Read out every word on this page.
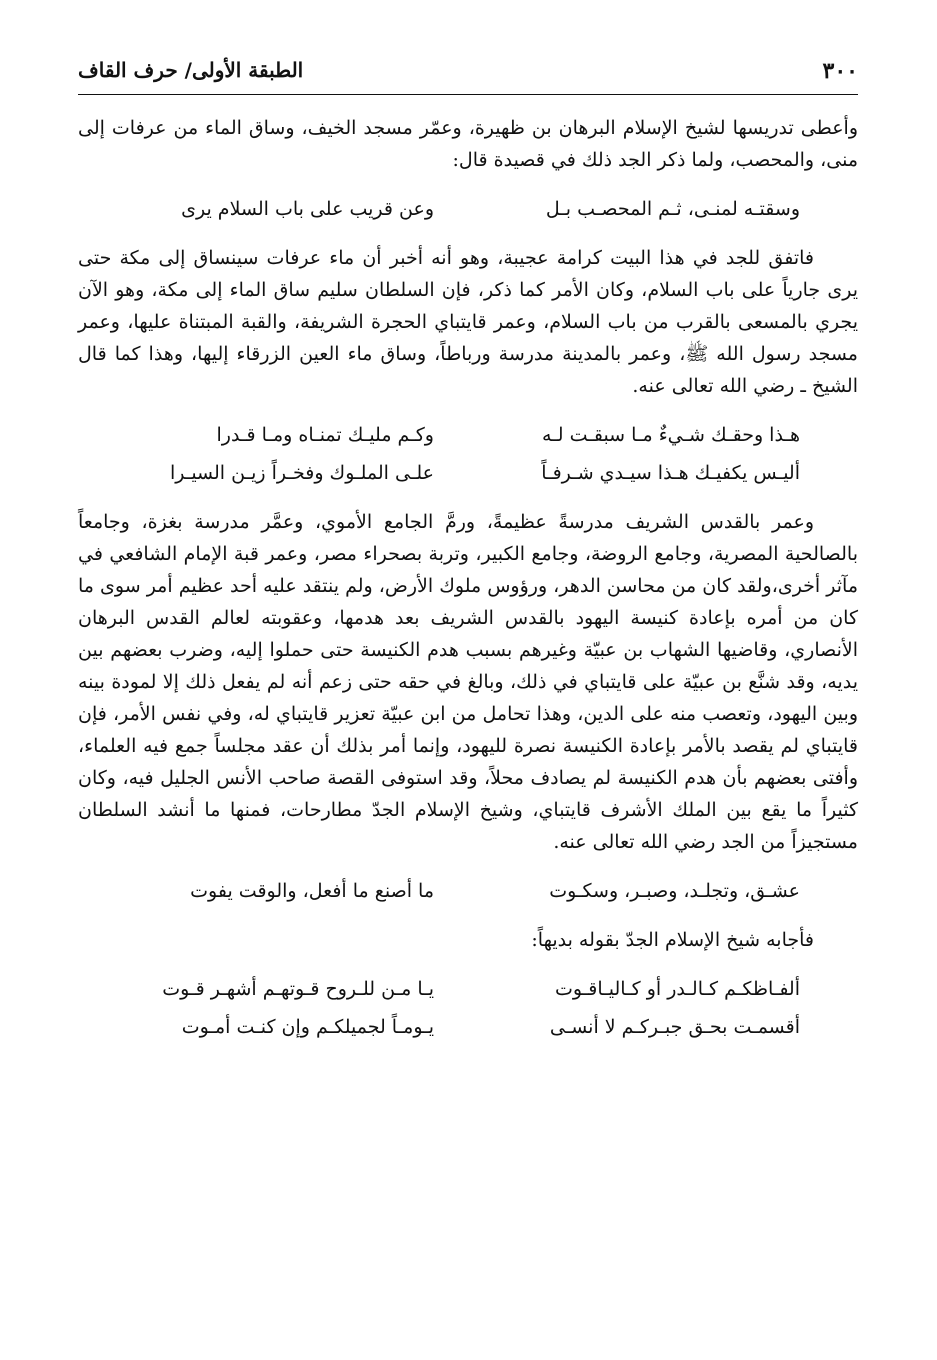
٣٠٠
الطبقة الأولى/ حرف القاف

وأعطى تدريسها لشيخ الإسلام البرهان بن ظهيرة، وعمّر مسجد الخيف، وساق الماء من عرفات إلى منى، والمحصب، ولما ذكر الجد ذلك في قصيدة قال:

وسقتـه لمنـى، ثـم المحصـب بـل
وعن قريب على باب السلام يرى

فاتفق للجد في هذا البيت كرامة عجيبة، وهو أنه أخبر أن ماء عرفات سينساق إلى مكة حتى يرى جارياً على باب السلام، وكان الأمر كما ذكر، فإن السلطان سليم ساق الماء إلى مكة، وهو الآن يجري بالمسعى بالقرب من باب السلام، وعمر قايتباي الحجرة الشريفة، والقبة المبتناة عليها، وعمر مسجد رسول الله ﷺ، وعمر بالمدينة مدرسة ورباطاً، وساق ماء العين الزرقاء إليها، وهذا كما قال الشيخ ـ رضي الله تعالى عنه.

هـذا وحقـك شـيءٌ مـا سبقـت لـه
وكـم مليـك تمنـاه ومـا قـدرا
أليـس يكفيـك هـذا سيـدي شـرفـاً
علـى الملـوك وفخـراً زيـن السيـرا

وعمر بالقدس الشريف مدرسةً عظيمةً، ورمَّ الجامع الأموي، وعمَّر مدرسة بغزة، وجامعاً بالصالحية المصرية، وجامع الروضة، وجامع الكبير، وتربة بصحراء مصر، وعمر قبة الإمام الشافعي في مآثر أخرى،ولقد كان من محاسن الدهر، ورؤوس ملوك الأرض، ولم ينتقد عليه أحد عظيم أمر سوى ما كان من أمره بإعادة كنيسة اليهود بالقدس الشريف بعد هدمها، وعقوبته لعالم القدس البرهان الأنصاري، وقاضيها الشهاب بن عبيّة وغيرهم بسبب هدم الكنيسة حتى حملوا إليه، وضرب بعضهم بين يديه، وقد شنَّع بن عبيّة على قايتباي في ذلك، وبالغ في حقه حتى زعم أنه لم يفعل ذلك إلا لمودة بينه وبين اليهود، وتعصب منه على الدين، وهذا تحامل من ابن عبيّة تعزير قايتباي له، وفي نفس الأمر، فإن قايتباي لم يقصد بالأمر بإعادة الكنيسة نصرة لليهود، وإنما أمر بذلك أن عقد مجلساً جمع فيه العلماء، وأفتى بعضهم بأن هدم الكنيسة لم يصادف محلاً، وقد استوفى القصة صاحب الأنس الجليل فيه، وكان كثيراً ما يقع بين الملك الأشرف قايتباي، وشيخ الإسلام الجدّ مطارحات، فمنها ما أنشد السلطان مستجيزاً من الجد رضي الله تعالى عنه.

عشـق، وتجلـد، وصبـر، وسكـوت
ما أصنع ما أفعل، والوقت يفوت

فأجابه شيخ الإسلام الجدّ بقوله بديهاً:

ألفـاظكـم كـالـدر أو كـاليـاقـوت
يـا مـن للـروح قـوتهـم أشهـر قـوت
أقسمـت بحـق جبـركـم لا أنسـى
يـومـاً لجميلكـم وإن كنـت أمـوت
